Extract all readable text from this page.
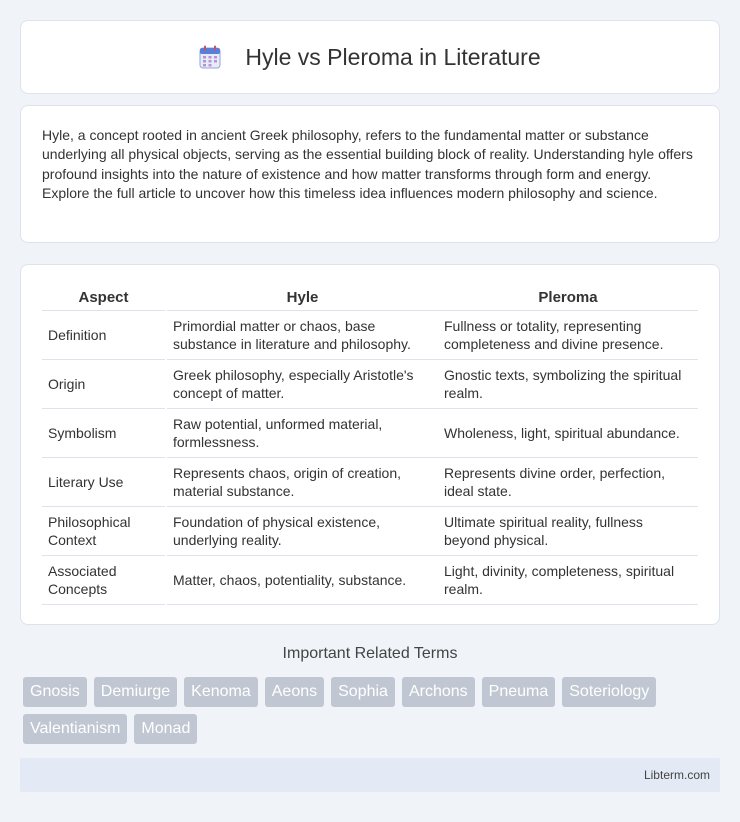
Hyle vs Pleroma in Literature

Hyle, a concept rooted in ancient Greek philosophy, refers to the fundamental matter or substance underlying all physical objects, serving as the essential building block of reality. Understanding hyle offers profound insights into the nature of existence and how matter transforms through form and energy. Explore the full article to uncover how this timeless idea influences modern philosophy and science.

Aspect	Hyle	Pleroma
Definition	Primordial matter or chaos, base substance in literature and philosophy.	Fullness or totality, representing completeness and divine presence.
Origin	Greek philosophy, especially Aristotle's concept of matter.	Gnostic texts, symbolizing the spiritual realm.
Symbolism	Raw potential, unformed material, formlessness.	Wholeness, light, spiritual abundance.
Literary Use	Represents chaos, origin of creation, material substance.	Represents divine order, perfection, ideal state.
Philosophical Context	Foundation of physical existence, underlying reality.	Ultimate spiritual reality, fullness beyond physical.
Associated Concepts	Matter, chaos, potentiality, substance.	Light, divinity, completeness, spiritual realm.
Important Related Terms
Gnosis	Demiurge	Kenoma	Aeons	Sophia	Archons	Pneuma	Soteriology
Valentianism	Monad
Libterm.com
